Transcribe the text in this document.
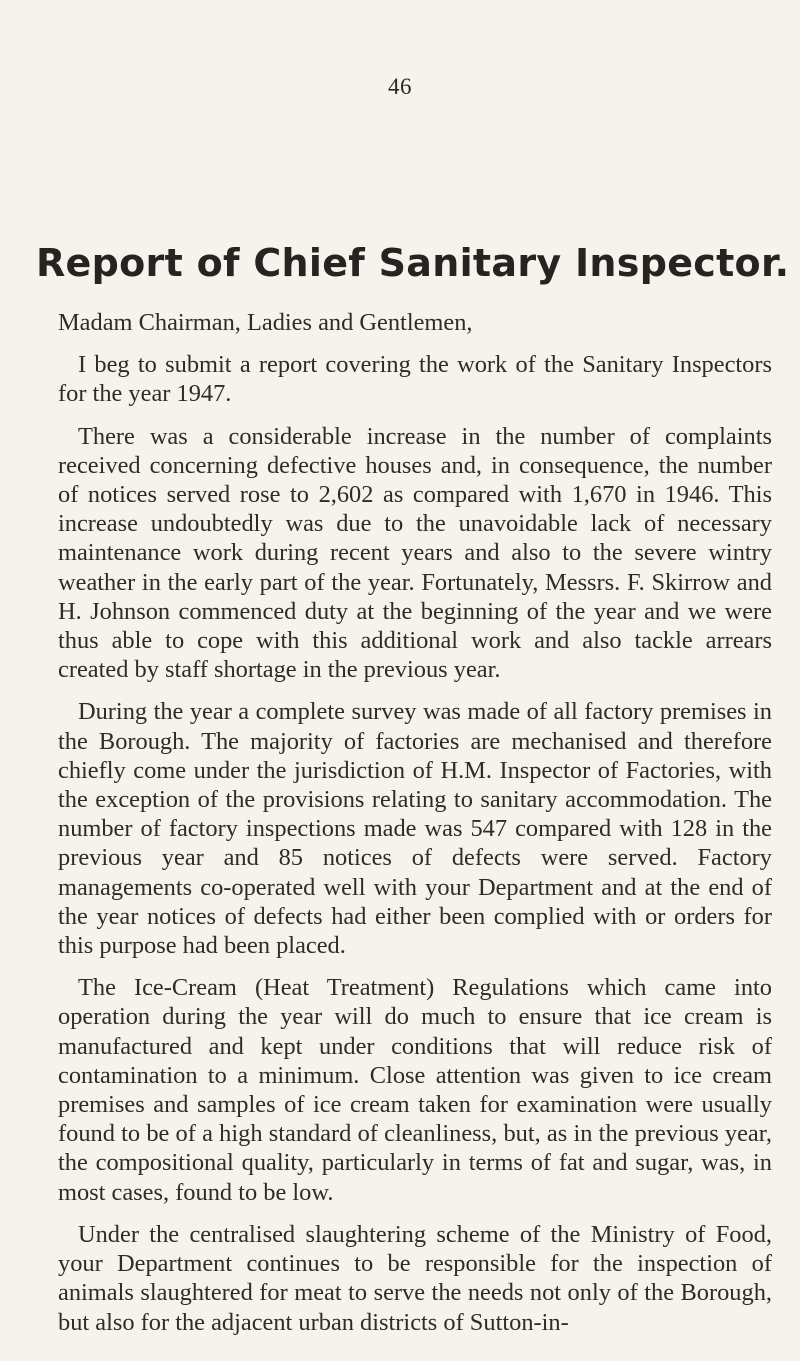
46
Report of Chief Sanitary Inspector.

Madam Chairman, Ladies and Gentlemen,

I beg to submit a report covering the work of the Sanitary Inspectors for the year 1947.

There was a considerable increase in the number of complaints received concerning defective houses and, in consequence, the number of notices served rose to 2,602 as compared with 1,670 in 1946. This increase undoubtedly was due to the unavoidable lack of necessary maintenance work during recent years and also to the severe wintry weather in the early part of the year. Fortunately, Messrs. F. Skirrow and H. Johnson commenced duty at the beginning of the year and we were thus able to cope with this additional work and also tackle arrears created by staff shortage in the previous year.

During the year a complete survey was made of all factory premises in the Borough. The majority of factories are mechanised and therefore chiefly come under the jurisdiction of H.M. Inspector of Factories, with the exception of the provisions relating to sanitary accommodation. The number of factory inspections made was 547 compared with 128 in the previous year and 85 notices of defects were served. Factory managements co-operated well with your Department and at the end of the year notices of defects had either been complied with or orders for this purpose had been placed.

The Ice-Cream (Heat Treatment) Regulations which came into operation during the year will do much to ensure that ice cream is manufactured and kept under conditions that will reduce risk of contamination to a minimum. Close attention was given to ice cream premises and samples of ice cream taken for examination were usually found to be of a high standard of cleanliness, but, as in the previous year, the compositional quality, particularly in terms of fat and sugar, was, in most cases, found to be low.

Under the centralised slaughtering scheme of the Ministry of Food, your Department continues to be responsible for the inspection of animals slaughtered for meat to serve the needs not only of the Borough, but also for the adjacent urban districts of Sutton-in-
